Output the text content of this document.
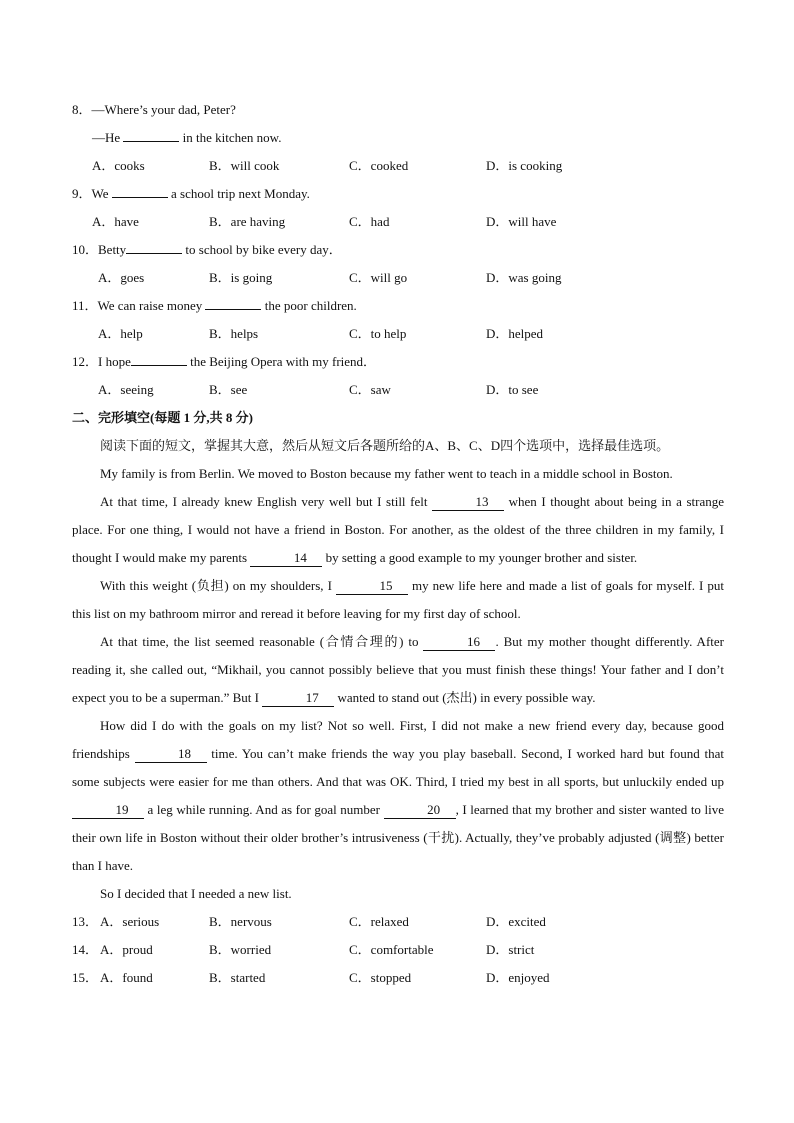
8．—Where’s your dad, Peter?
—He	in the kitchen now.
A．cooks	B．will cook	C．cooked	D．is cooking
9．We	a school trip next Monday.
A．have	B．are having	C．had	D．will have
10．Betty	to school by bike every day．
A．goes	B．is going	C．will go	D．was going
11．We can raise money	the poor children.
A．help	B．helps	C．to help	D．helped
12．I hope	the Beijing Opera with my friend．
A．seeing	B．see	C．saw	D．to see
二、完形填空(每题 1 分,共 8 分)

阅读下面的短文，掌握其大意，然后从短文后各题所给的A、B、C、D四个选项中，选择最佳选项。

My family is from Berlin. We moved to Boston because my father went to teach in a middle school in Boston.

At that time, I already knew English very well but I still felt	13 when I thought about being in a strange place. For one thing, I would not have a friend in Boston. For another, as the oldest of the three children in my family, I thought I would make my parents	14 by setting a good example to my younger brother and sister.

With this weight (负担) on my shoulders, I	15 my new life here and made a list of goals for myself. I put this list on my bathroom mirror and reread it before leaving for my first day of school.

At that time, the list seemed reasonable (合情合理的) to	16 . But my mother thought differently. After reading it, she called out, “Mikhail, you cannot possibly believe that you must finish these things! Your father and I don’t expect you to be a superman.” But I	17 wanted to stand out (杰出) in every possible way.

How did I do with the goals on my list? Not so well. First, I did not make a new friend every day, because good friendships	18 time. You can’t make friends the way you play baseball. Second, I worked hard but found that some subjects were easier for me than others. And that was OK. Third, I tried my best in all sports, but unluckily ended up 19 a leg while running. And as for goal number	20 , I learned that my brother and sister wanted to live their own life in Boston without their older brother’s intrusiveness (干扰). Actually, they’ve probably adjusted (调整) better than I have.

So I decided that I needed a new list.

13． A．serious	B．nervous	C．relaxed	D．excited
14． A．proud	B．worried	C．comfortable	D．strict
15． A．found	B．started	C．stopped	D．enjoyed
